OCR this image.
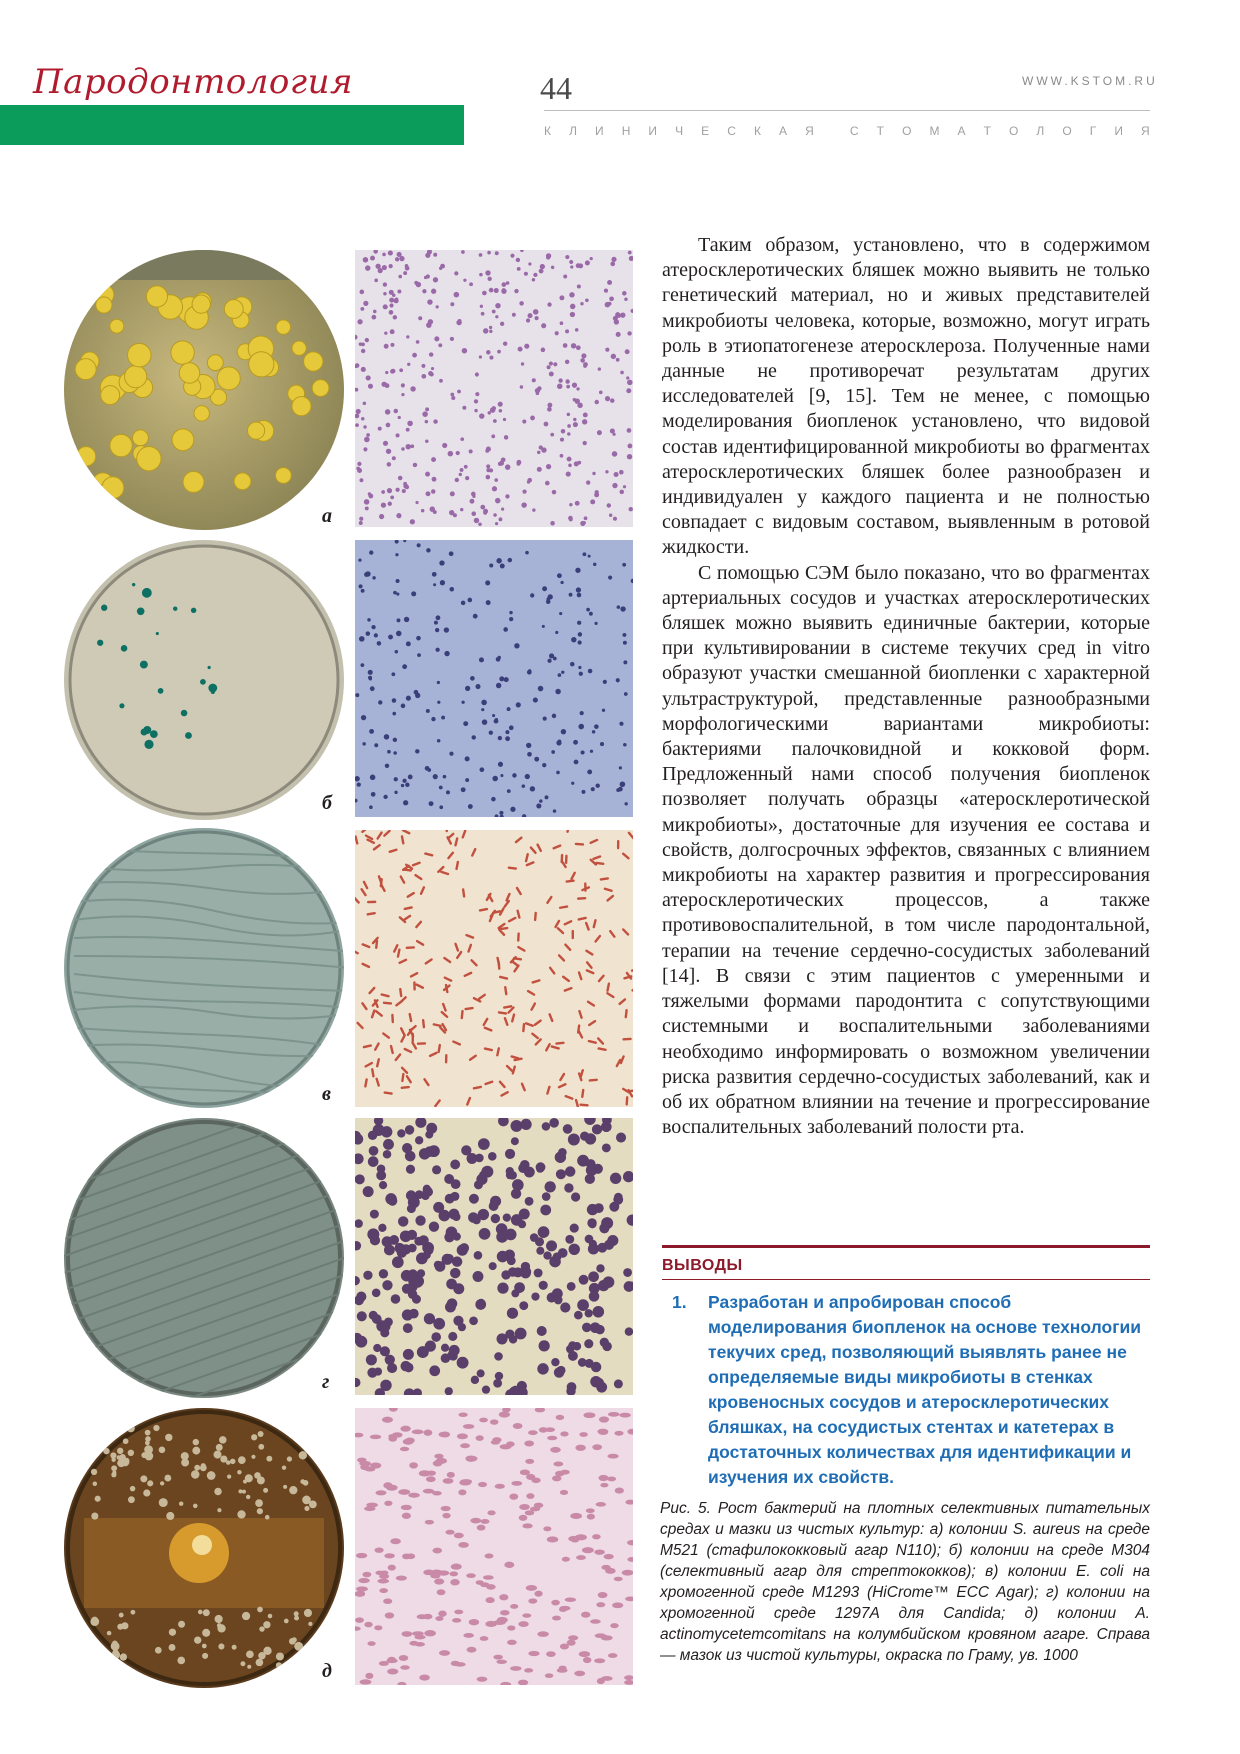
Пародонтология	44	WWW.KSTOM.RU
К Л И Н И Ч Е С К А Я	С Т О М А Т О Л О Г И Я
а
б
в
г
д

Таким образом, установлено, что в содержимом атеросклеротических бляшек можно выявить не только генетический материал, но и живых представителей микробиоты человека, которые, возможно, могут играть роль в этиопатогенезе атеросклероза. Полученные нами данные не противоречат результатам других исследователей [9, 15]. Тем не менее, с помощью моделирования биопленок установлено, что видовой состав идентифицированной микробиоты во фрагментах атеросклеротических бляшек более разнообразен и индивидуален у каждого пациента и не полностью совпадает с видовым составом, выявленным в ротовой жидкости.

С помощью СЭМ было показано, что во фрагментах артериальных сосудов и участках атеросклеротических бляшек можно выявить единичные бактерии, которые при культивировании в системе текучих сред in vitro образуют участки смешанной биопленки с характерной ультраструктурой, представленные разнообразными морфологическими вариантами микробиоты: бактериями палочковидной и кокковой форм. Предложенный нами способ получения биопленок позволяет получать образцы «атеросклеротической микробиоты», достаточные для изучения ее состава и свойств, долгосрочных эффектов, связанных с влиянием микробиоты на характер развития и прогрессирования атеросклеротических процессов, а также противовоспалительной, в том числе пародонтальной, терапии на течение сердечно-сосудистых заболеваний [14]. В связи с этим пациентов с умеренными и тяжелыми формами пародонтита с сопутствующими системными и воспалительными заболеваниями необходимо информировать о возможном увеличении риска развития сердечно-сосудистых заболеваний, как и об их обратном влиянии на течение и прогрессирование воспалительных заболеваний полости рта.

ВЫВОДЫ
1. Разработан и апробирован способ моделирования биопленок на основе технологии текучих сред, позволяющий выявлять ранее не определяемые виды микробиоты в стенках кровеносных сосудов и атеросклеротических бляшках, на сосудистых стентах и катетерах в достаточных количествах для идентификации и изучения их свойств.
Рис. 5. Рост бактерий на плотных селективных питательных средах и мазки из чистых культур: а) колонии S. aureus на среде M521 (стафилококковый агар N110); б) колонии на среде M304 (селективный агар для стрептококков); в) колонии E. coli на хромогенной среде M1293 (HiCrome™ ECC Agar); г) колонии на хромогенной среде 1297A для Candida; д) колонии A. actinomycetemcomitans на колумбийском кровяном агаре. Справа — мазок из чистой культуры, окраска по Граму, ув. 1000
